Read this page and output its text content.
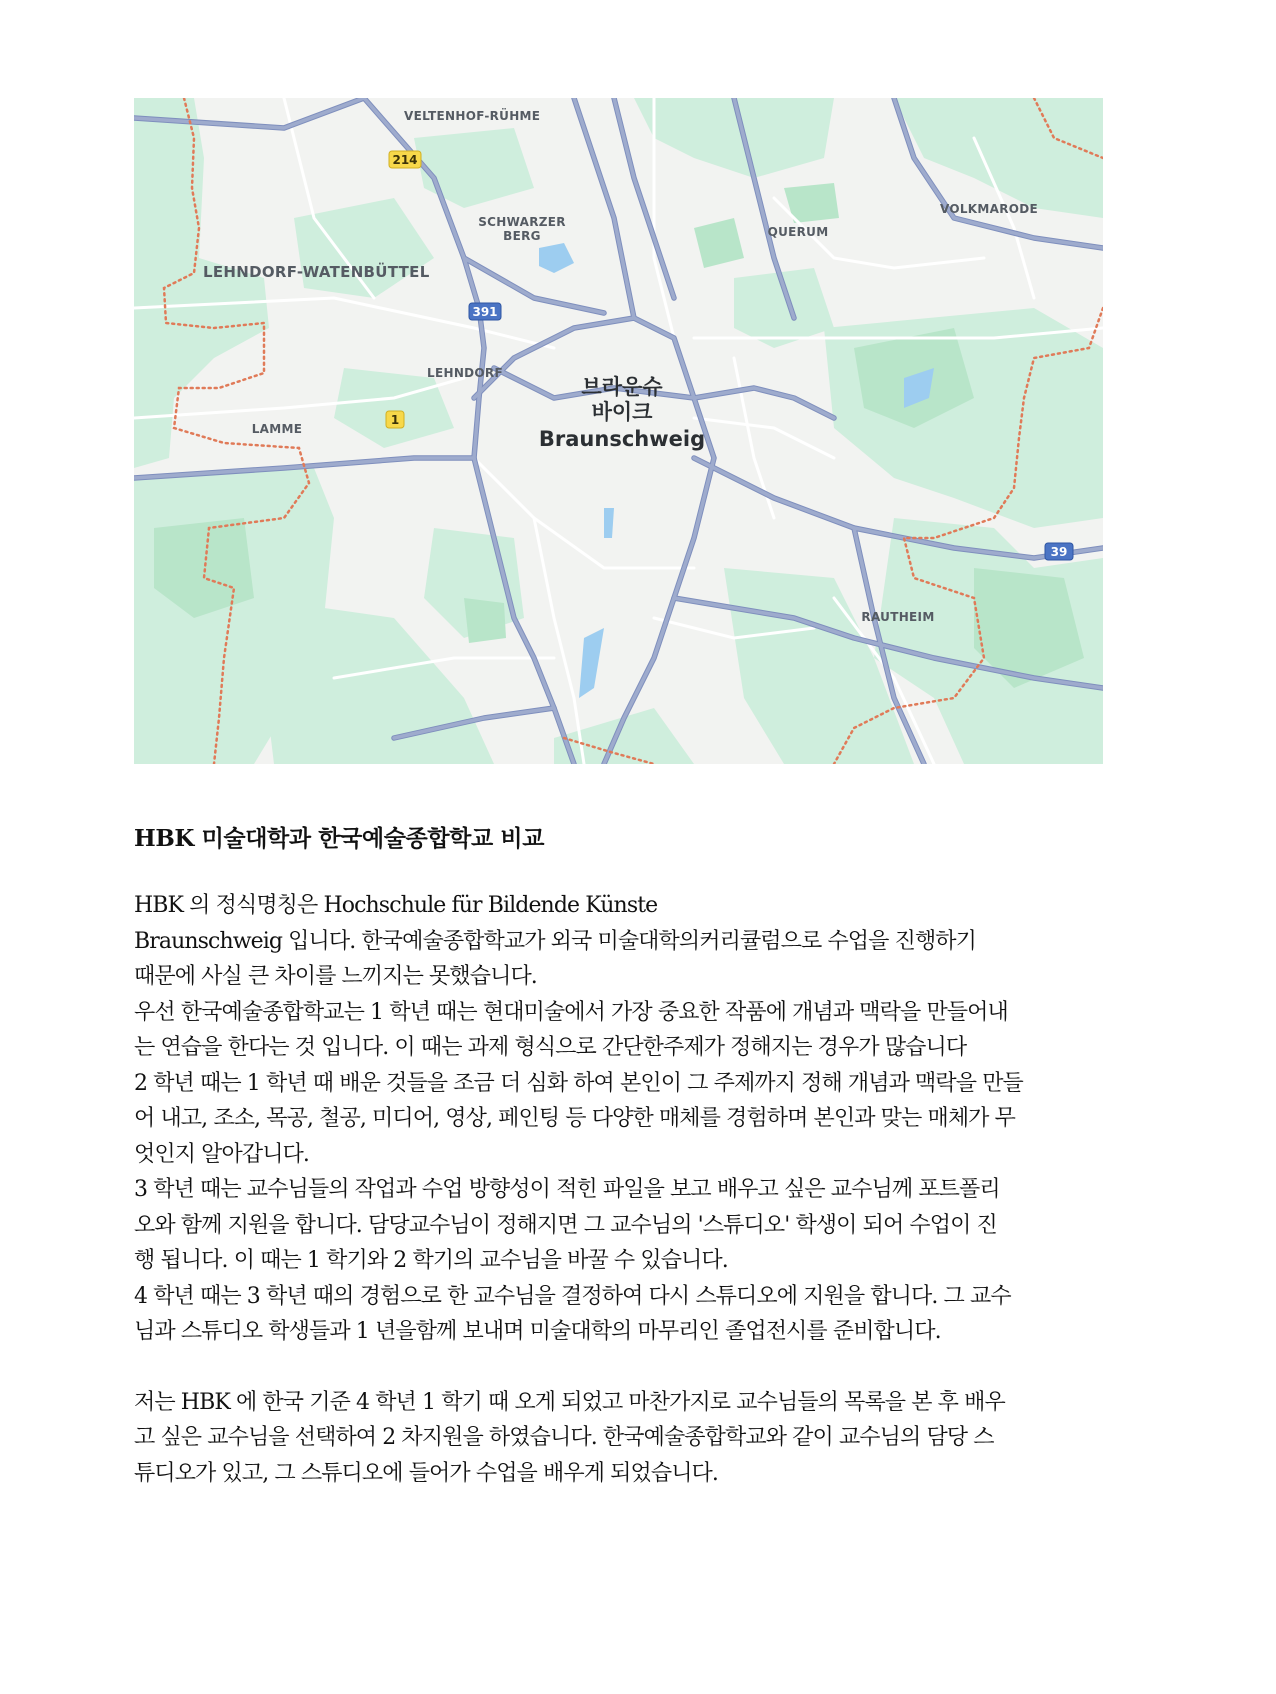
VELTENHOF-RÜHME
SCHWARZER
BERG	QUERUM
VOLKMARODE
LEHNDORF-WATENBÜTTEL
LEHNDORF
LAMME
RAUTHEIM
브라운슈
바이크
Braunschweig
214
391
1
39
HBK 미술대학과 한국예술종합학교 비교

HBK 의 정식명칭은 Hochschule für Bildende Künste

Braunschweig 입니다. 한국예술종합학교가 외국 미술대학의커리큘럼으로 수업을 진행하기

때문에 사실 큰 차이를 느끼지는 못했습니다.

우선 한국예술종합학교는 1 학년 때는 현대미술에서 가장 중요한 작품에 개념과 맥락을 만들어내

는 연습을 한다는 것 입니다. 이 때는 과제 형식으로 간단한주제가 정해지는 경우가 많습니다

2 학년 때는 1 학년 때 배운 것들을 조금 더 심화 하여 본인이 그 주제까지 정해 개념과 맥락을 만들

어 내고, 조소, 목공, 철공, 미디어, 영상, 페인팅 등 다양한 매체를 경험하며 본인과 맞는 매체가 무

엇인지 알아갑니다.

3 학년 때는 교수님들의 작업과 수업 방향성이 적힌 파일을 보고 배우고 싶은 교수님께 포트폴리

오와 함께 지원을 합니다. 담당교수님이 정해지면 그 교수님의 '스튜디오' 학생이 되어 수업이 진

행 됩니다. 이 때는 1 학기와 2 학기의 교수님을 바꿀 수 있습니다.

4 학년 때는 3 학년 때의 경험으로 한 교수님을 결정하여 다시 스튜디오에 지원을 합니다. 그 교수

님과 스튜디오 학생들과 1 년을함께 보내며 미술대학의 마무리인 졸업전시를 준비합니다.

저는 HBK 에 한국 기준 4 학년 1 학기 때 오게 되었고 마찬가지로 교수님들의 목록을 본 후 배우

고 싶은 교수님을 선택하여 2 차지원을 하였습니다. 한국예술종합학교와 같이 교수님의 담당 스

튜디오가 있고, 그 스튜디오에 들어가 수업을 배우게 되었습니다.
